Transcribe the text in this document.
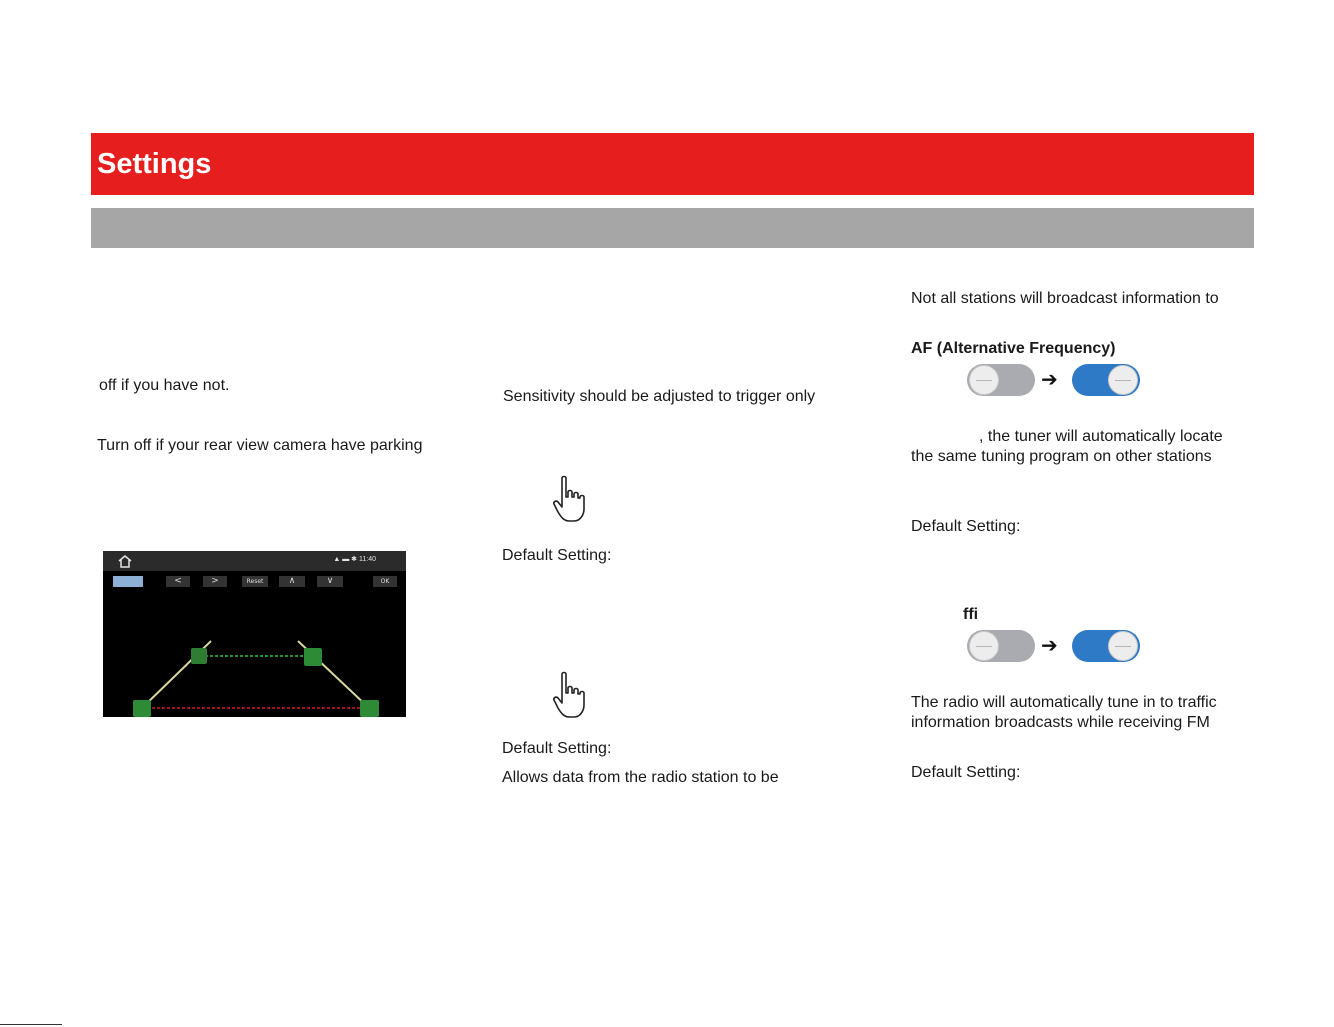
Settings
off if you have not.
Turn off if your rear view camera have parking
▲ ▬ ✱ 11:40
<	>	Reset	∧	∨	OK
Sensitivity should be adjusted to trigger only
Default Setting:
Default Setting:
Allows data from the radio station to be
Not all stations will broadcast information to
AF (Alternative Frequency)
➔
, the tuner will automatically locate
the same tuning program on other stations
Default Setting:
ffi
➔
The radio will automatically tune in to traffic
information broadcasts while receiving FM
Default Setting:
